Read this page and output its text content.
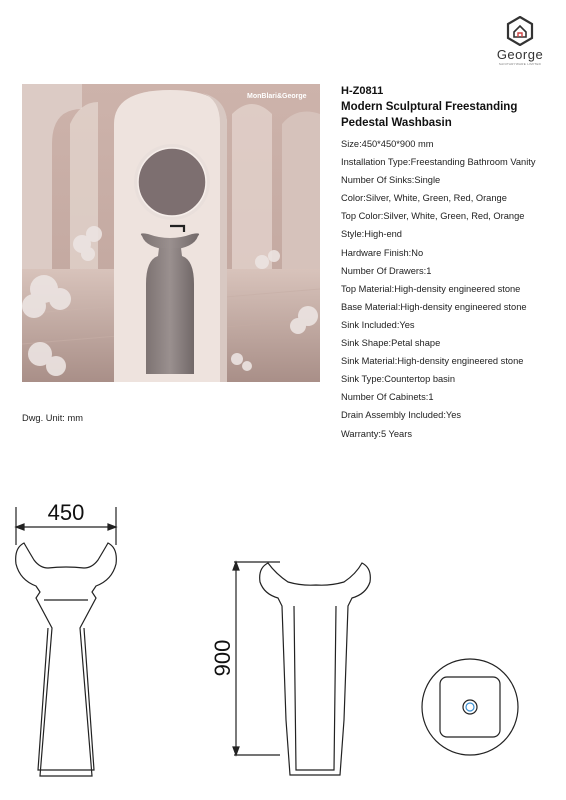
George
SANITARYWARE LIMITED
MonBlari&George	H-Z0811
Modern Sculptural Freestanding
Pedestal Washbasin
Size:450*450*900 mm
Installation Type:Freestanding Bathroom Vanity
Number Of Sinks:Single
Color:Silver, White, Green, Red, Orange
Top Color:Silver, White, Green, Red, Orange
Style:High-end
Hardware Finish:No
Number Of Drawers:1
Top Material:High-density engineered stone
Base Material:High-density engineered stone
Sink Included:Yes
Sink Shape:Petal shape
Sink Material:High-density engineered stone
Sink Type:Countertop basin
Number Of Cabinets:1
Drain Assembly Included:Yes
Warranty:5 Years
Dwg. Unit: mm
450
900
